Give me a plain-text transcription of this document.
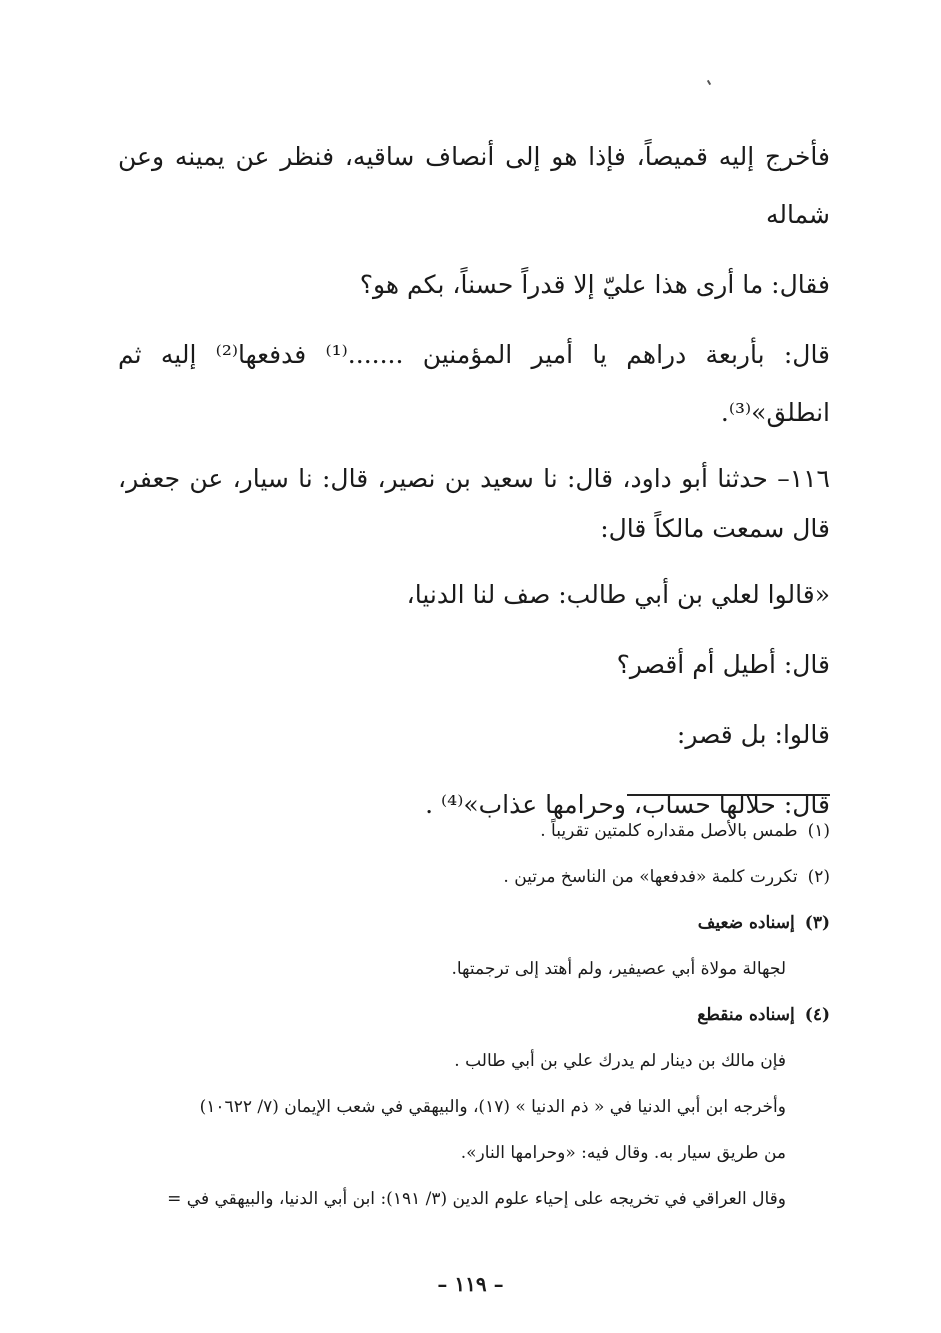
فأخرج إليه قميصاً، فإذا هو إلى أنصاف ساقيه، فنظر عن يمينه وعن شماله

فقال: ما أرى هذا عليّ إلا قدراً حسناً، بكم هو؟

قال: بأربعة دراهم يا أمير المؤمنين .......⁽¹⁾ فدفعها⁽²⁾ إليه ثم انطلق»⁽³⁾.

١١٦– حدثنا أبو داود، قال: نا سعيد بن نصير، قال: نا سيار، عن جعفر، قال سمعت مالكاً قال:

«قالوا لعلي بن أبي طالب: صف لنا الدنيا،

قال: أطيل أم أقصر؟

قالوا: بل قصر:

قال: حلالها حساب، وحرامها عذاب»⁽⁴⁾ .

(١)طمس بالأصل مقداره كلمتين تقريباً .

(٢)تكررت كلمة «فدفعها» من الناسخ مرتين .

(٣)إسناده ضعيف

لجهالة مولاة أبي عصيفير، ولم أهتد إلى ترجمتها.

(٤)إسناده منقطع

فإن مالك بن دينار لم يدرك علي بن أبي طالب .

وأخرجه ابن أبي الدنيا في « ذم الدنيا » (١٧)، والبيهقي في شعب الإيمان (٧/ ١٠٦٢٢)

من طريق سيار به. وقال فيه: «وحرامها النار».

وقال العراقي في تخريجه على إحياء علوم الدين (٣/ ١٩١): ابن أبي الدنيا، والبيهقي في =

– ١١٩ –
